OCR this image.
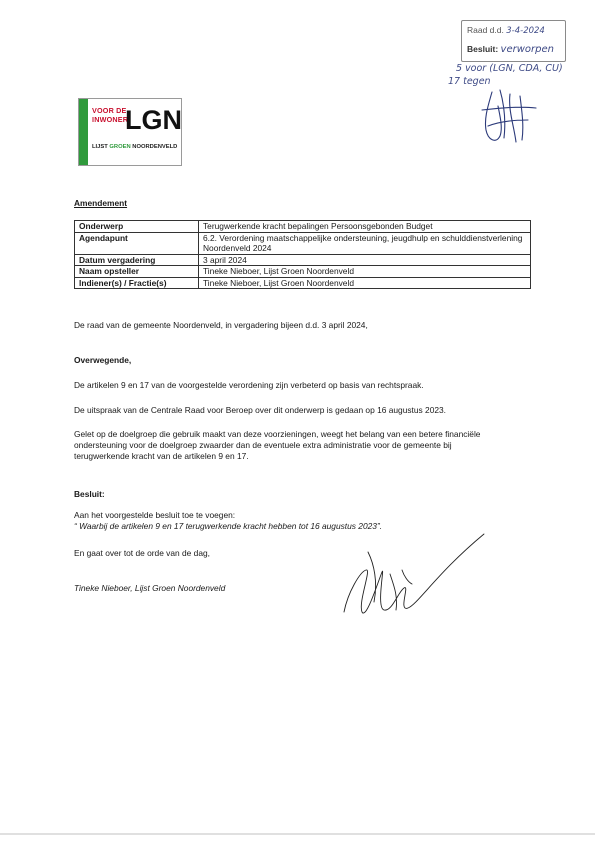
Raad d.d. 3-4-2024
Besluit: verworpen
5 voor (LGN, CDA, CU)
17 tegen
VOOR DE
INWONER
LGN
LIJST GROEN NOORDENVELD
Amendement
Onderwerp	Terugwerkende kracht bepalingen Persoonsgebonden Budget
Agendapunt	6.2. Verordening maatschappelijke ondersteuning, jeugdhulp en schulddienstverlening Noordenveld 2024
Datum vergadering	3 april 2024
Naam opsteller	Tineke Nieboer, Lijst Groen Noordenveld
Indiener(s) / Fractie(s)	Tineke Nieboer, Lijst Groen Noordenveld
De raad van de gemeente Noordenveld, in vergadering bijeen d.d. 3 april 2024,
Overwegende,
De artikelen 9 en 17 van de voorgestelde verordening zijn verbeterd op basis van rechtspraak.
De uitspraak van de Centrale Raad voor Beroep over dit onderwerp is gedaan op 16 augustus 2023.
Gelet op de doelgroep die gebruik maakt van deze voorzieningen, weegt het belang van een betere financiële
ondersteuning voor de doelgroep zwaarder dan de eventuele extra administratie voor de gemeente bij
terugwerkende kracht van de artikelen 9 en 17.
Besluit:
Aan het voorgestelde besluit toe te voegen:
“ Waarbij de artikelen 9 en 17 terugwerkende kracht hebben tot 16 augustus 2023”.
En gaat over tot de orde van de dag,
Tineke Nieboer, Lijst Groen Noordenveld
